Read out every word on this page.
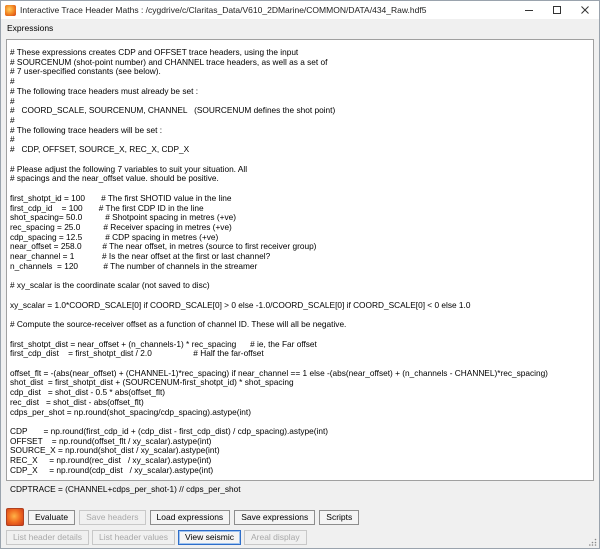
Interactive Trace Header Maths : /cygdrive/c/Claritas_Data/V610_2DMarine/COMMON/DATA/434_Raw.hdf5
Expressions
# These expressions creates CDP and OFFSET trace headers, using the input
# SOURCENUM (shot-point number) and CHANNEL trace headers, as well as a set of
# 7 user-specified constants (see below).
#
# The following trace headers must already be set :
#
#   COORD_SCALE, SOURCENUM, CHANNEL   (SOURCENUM defines the shot point)
#
# The following trace headers will be set :
#
#   CDP, OFFSET, SOURCE_X, REC_X, CDP_X

# Please adjust the following 7 variables to suit your situation. All
# spacings and the near_offset value. should be positive.

first_shotpt_id = 100       # The first SHOTID value in the line
first_cdp_id    = 100       # The first CDP ID in the line
shot_spacing= 50.0          # Shotpoint spacing in metres (+ve)
rec_spacing = 25.0          # Receiver spacing in metres (+ve)
cdp_spacing = 12.5          # CDP spacing in metres (+ve)
near_offset = 258.0         # The near offset, in metres (source to first receiver group)
near_channel = 1            # Is the near offset at the first or last channel?
n_channels  = 120           # The number of channels in the streamer

# xy_scalar is the coordinate scalar (not saved to disc)

xy_scalar = 1.0*COORD_SCALE[0] if COORD_SCALE[0] > 0 else -1.0/COORD_SCALE[0] if COORD_SCALE[0] < 0 else 1.0

# Compute the source-receiver offset as a function of channel ID. These will all be negative.

first_shotpt_dist = near_offset + (n_channels-1) * rec_spacing      # ie, the Far offset
first_cdp_dist    = first_shotpt_dist / 2.0                  # Half the far-offset

offset_flt = -(abs(near_offset) + (CHANNEL-1)*rec_spacing) if near_channel == 1 else -(abs(near_offset) + (n_channels - CHANNEL)*rec_spacing)
shot_dist  = first_shotpt_dist + (SOURCENUM-first_shotpt_id) * shot_spacing
cdp_dist   = shot_dist - 0.5 * abs(offset_flt)
rec_dist   = shot_dist - abs(offset_flt)
cdps_per_shot = np.round(shot_spacing/cdp_spacing).astype(int)

CDP       = np.round(first_cdp_id + (cdp_dist - first_cdp_dist) / cdp_spacing).astype(int)
OFFSET    = np.round(offset_flt / xy_scalar).astype(int)
SOURCE_X = np.round(shot_dist / xy_scalar).astype(int)
REC_X     = np.round(rec_dist   / xy_scalar).astype(int)
CDP_X     = np.round(cdp_dist   / xy_scalar).astype(int)

CDPTRACE = (CHANNEL+cdps_per_shot-1) // cdps_per_shot

Evaluate	Save headers	Load expressions	Save expressions	Scripts
List header details	List header values	View seismic	Areal display
